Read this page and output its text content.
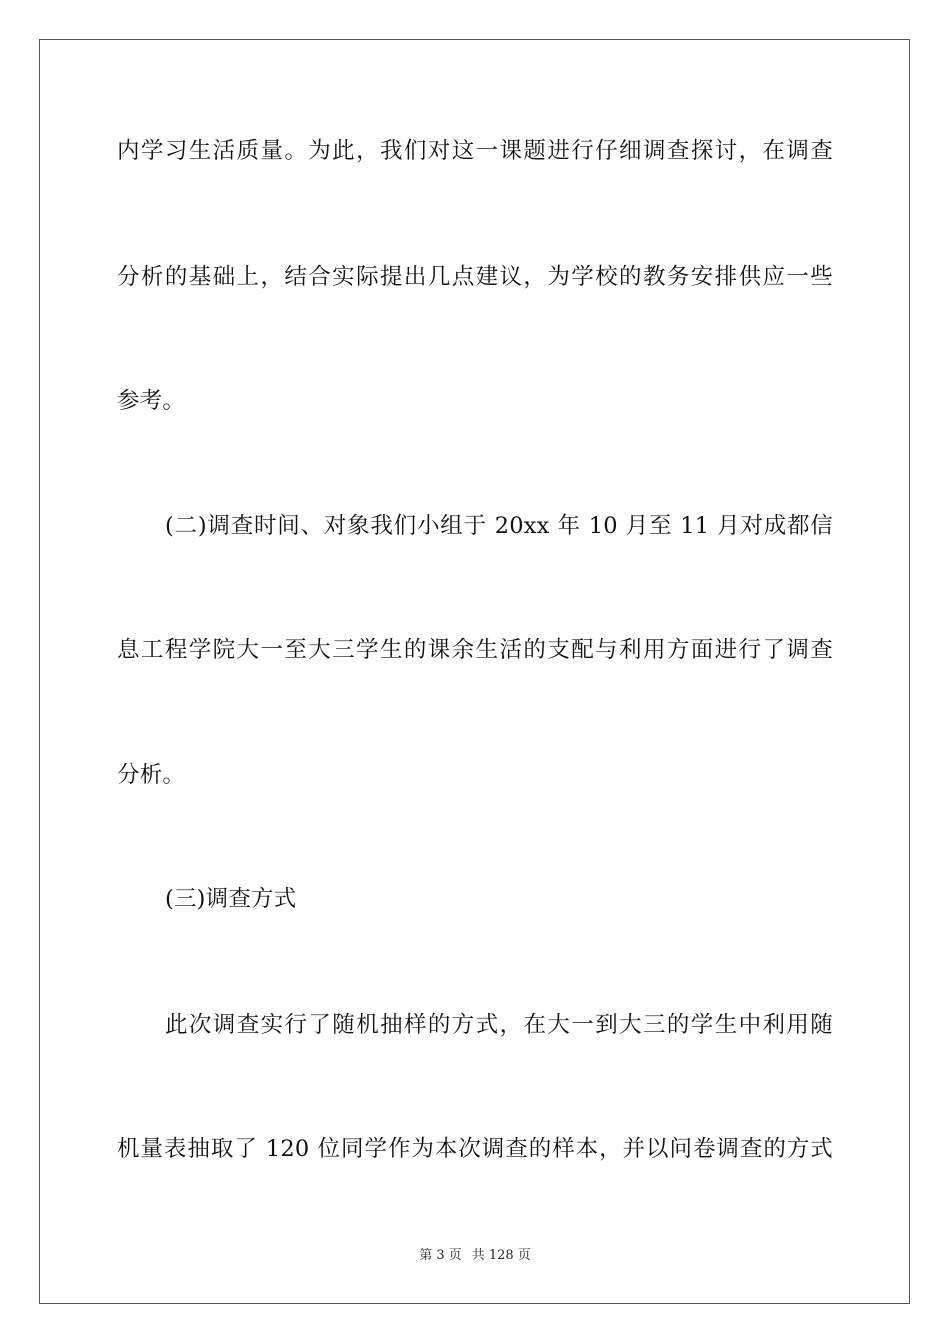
内学习生活质量。为此，我们对这一课题进行仔细调查探讨，在调查
分析的基础上，结合实际提出几点建议，为学校的教务安排供应一些
参考。
(二)调查时间、对象我们小组于 20xx 年 10 月至 11 月对成都信
息工程学院大一至大三学生的课余生活的支配与利用方面进行了调查
分析。
(三)调查方式
此次调查实行了随机抽样的方式，在大一到大三的学生中利用随
机量表抽取了 120 位同学作为本次调查的样本，并以问卷调查的方式
第 3 页 共 128 页
